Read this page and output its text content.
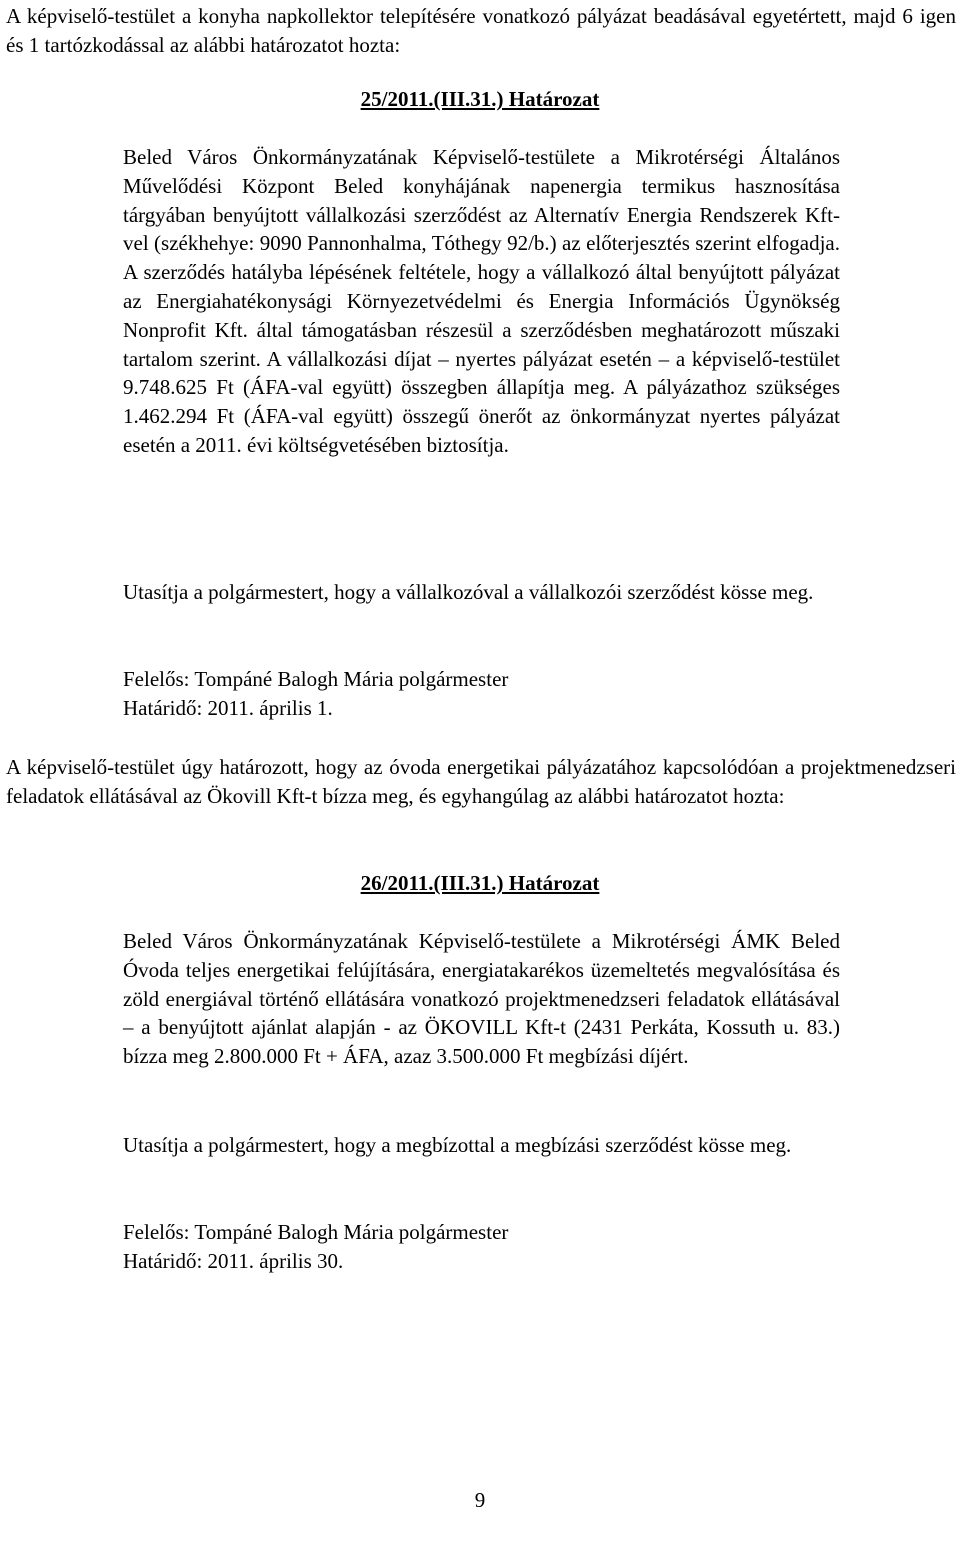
A képviselő-testület a konyha napkollektor telepítésére vonatkozó pályázat beadásával egyetértett, majd 6 igen és 1 tartózkodással az alábbi határozatot hozta:

25/2011.(III.31.) Határozat

Beled Város Önkormányzatának Képviselő-testülete a Mikrotérségi Általános Művelődési Központ Beled konyhájának napenergia termikus hasznosítása tárgyában benyújtott vállalkozási szerződést az Alternatív Energia Rendszerek Kft-vel (székhehye: 9090 Pannonhalma, Tóthegy 92/b.) az előterjesztés szerint elfogadja. A szerződés hatályba lépésének feltétele, hogy a vállalkozó által benyújtott pályázat az Energiahatékonysági Környezetvédelmi és Energia Információs Ügynökség Nonprofit Kft. által támogatásban részesül a szerződésben meghatározott műszaki tartalom szerint. A vállalkozási díjat – nyertes pályázat esetén – a képviselő-testület 9.748.625 Ft (ÁFA-val együtt) összegben állapítja meg. A pályázathoz szükséges 1.462.294 Ft (ÁFA-val együtt) összegű önerőt az önkormányzat nyertes pályázat esetén a 2011. évi költségvetésében biztosítja.

Utasítja a polgármestert, hogy a vállalkozóval a vállalkozói szerződést kösse meg.

Felelős: Tompáné Balogh Mária polgármester
Határidő: 2011. április 1.

A képviselő-testület úgy határozott, hogy az óvoda energetikai pályázatához kapcsolódóan a projektmenedzseri feladatok ellátásával az Ökovill Kft-t bízza meg, és egyhangúlag az alábbi határozatot hozta:

26/2011.(III.31.) Határozat

Beled Város Önkormányzatának Képviselő-testülete a Mikrotérségi ÁMK Beled Óvoda teljes energetikai felújítására, energiatakarékos üzemeltetés megvalósítása és zöld energiával történő ellátására vonatkozó projektmenedzseri feladatok ellátásával – a benyújtott ajánlat alapján - az ÖKOVILL Kft-t (2431 Perkáta, Kossuth u. 83.) bízza meg 2.800.000 Ft + ÁFA, azaz 3.500.000 Ft megbízási díjért.

Utasítja a polgármestert, hogy a megbízottal a megbízási szerződést kösse meg.

Felelős: Tompáné Balogh Mária polgármester
Határidő: 2011. április 30.
9
